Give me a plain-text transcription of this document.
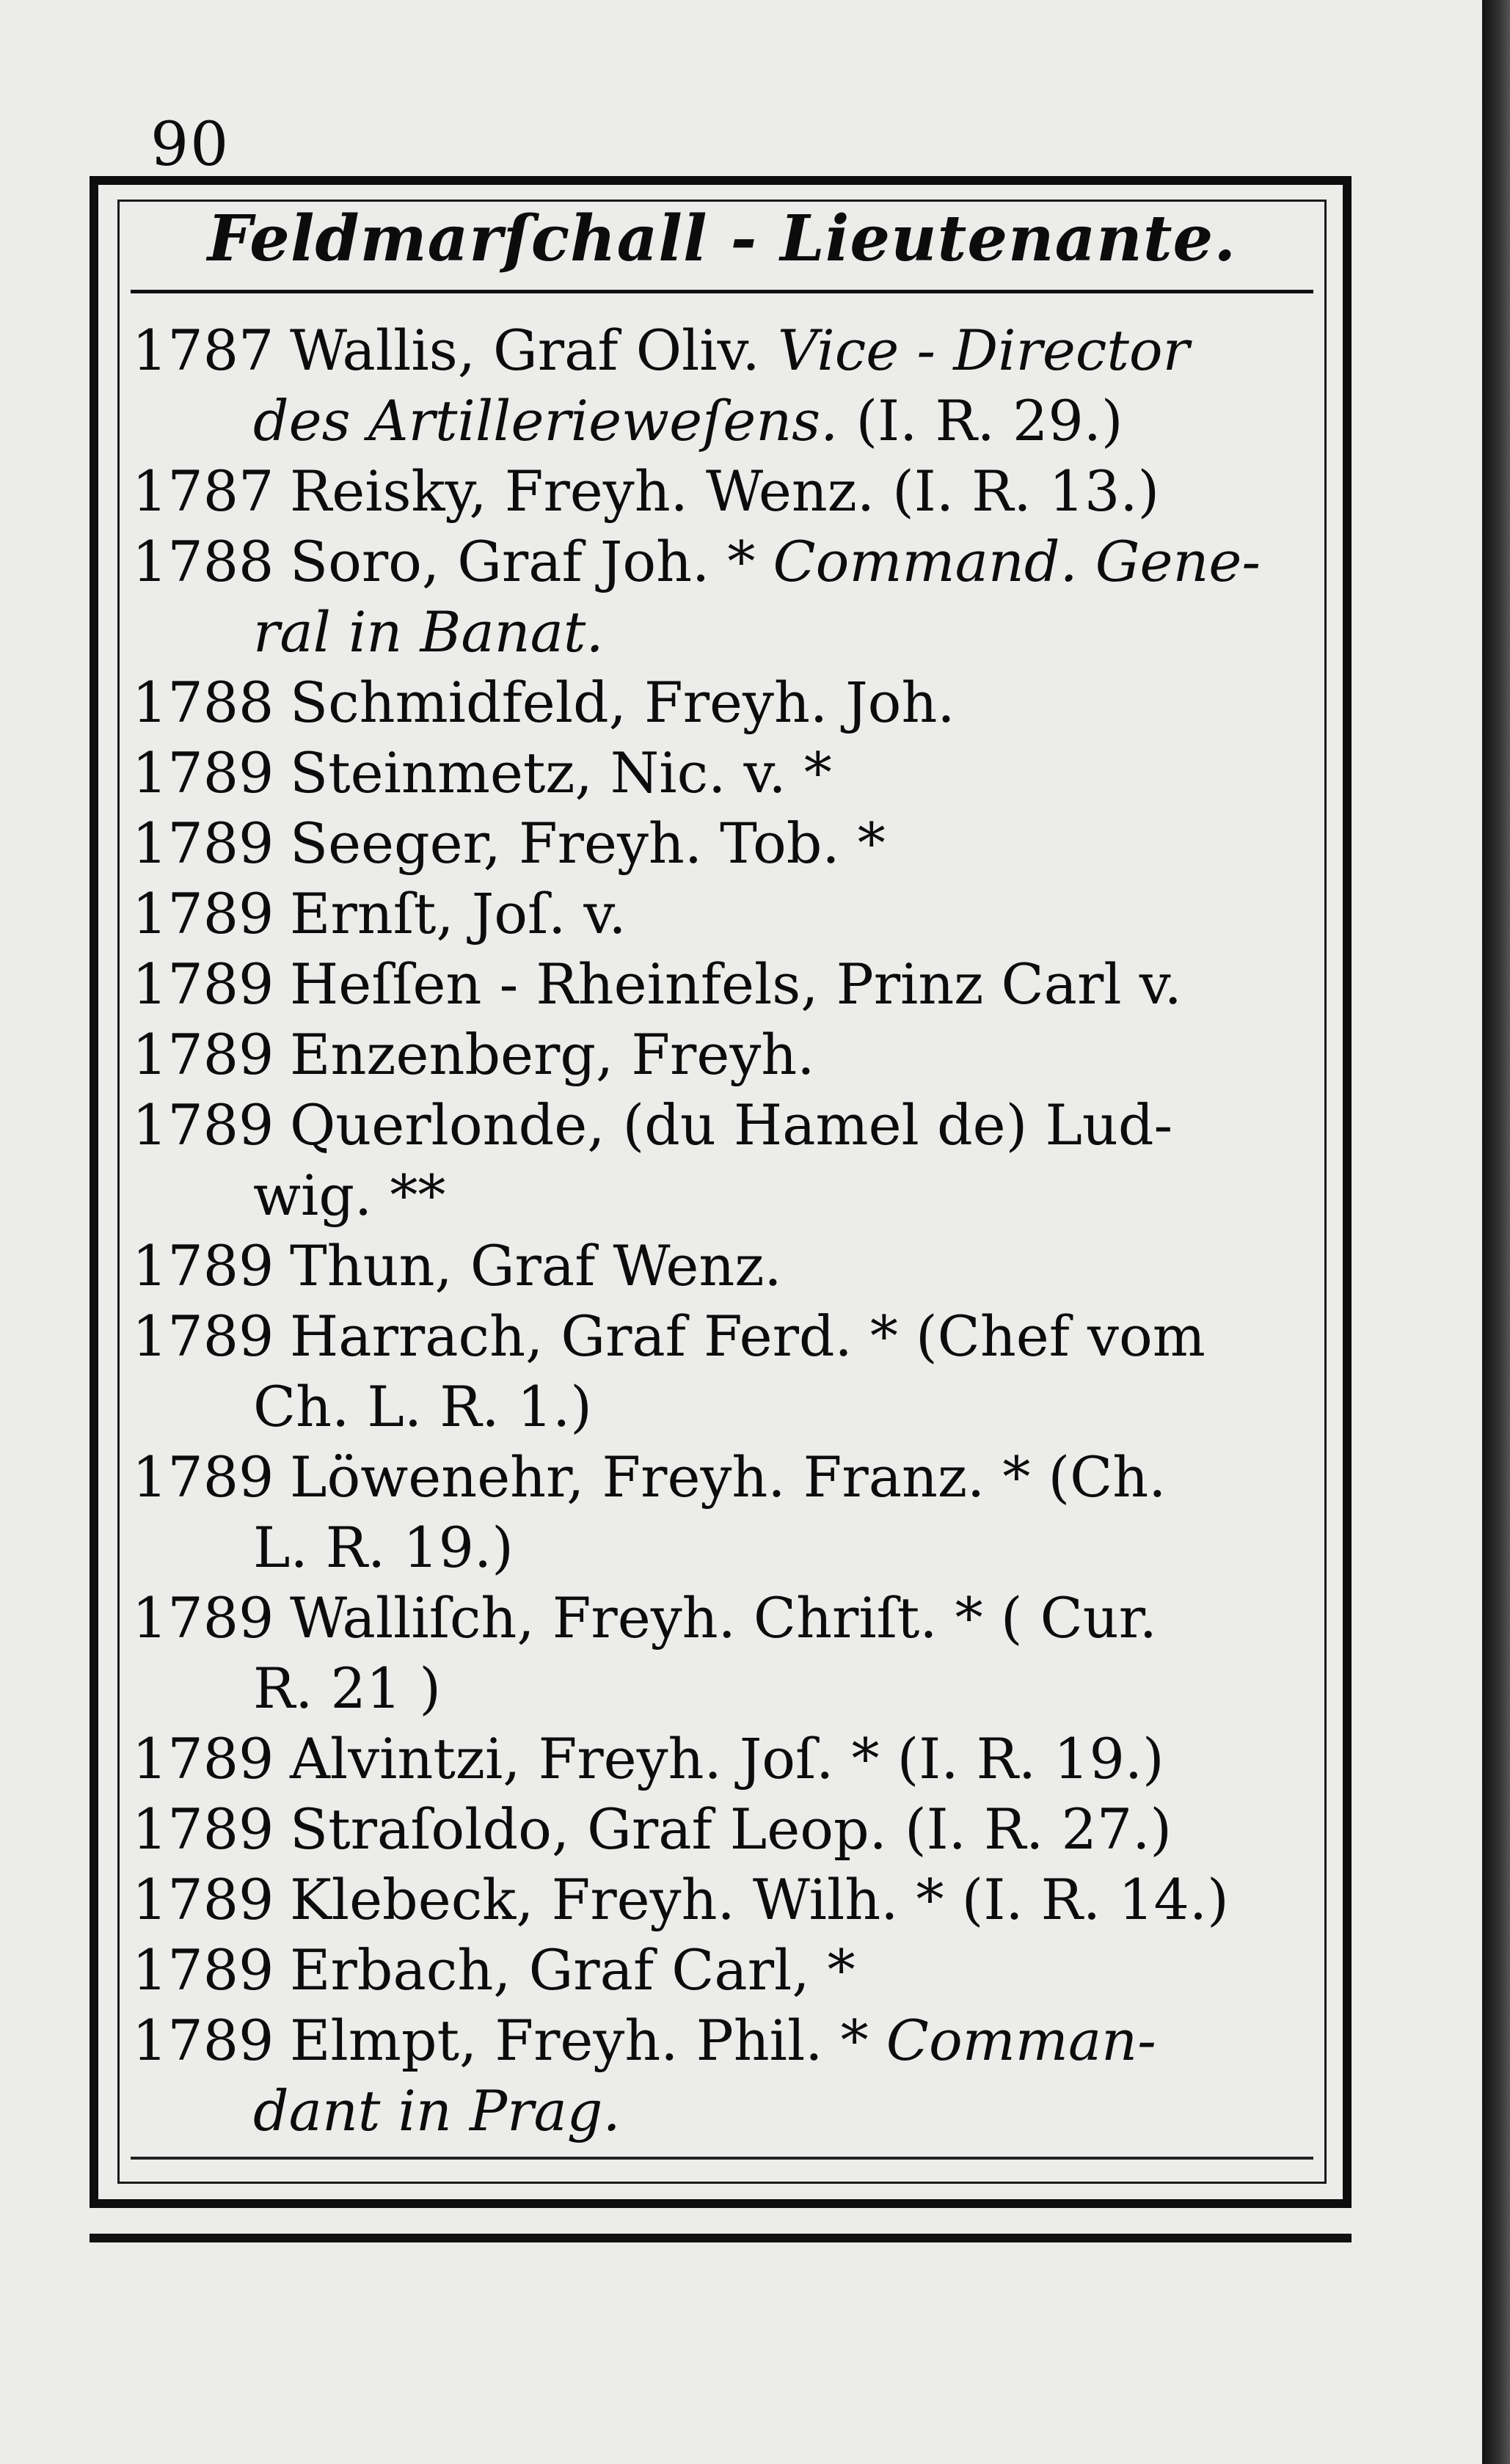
90
Feldmarſchall - Lieutenante.
1787 Wallis, Graf Oliv. Vice - Director
des Artillerieweſens. (I. R. 29.)
1787 Reisky, Freyh. Wenz. (I. R. 13.)
1788 Soro, Graf Joh. * Command. Gene-
ral in Banat.
1788 Schmidfeld, Freyh. Joh.
1789 Steinmetz, Nic. v. *
1789 Seeger, Freyh. Tob. *
1789 Ernſt, Joſ. v.
1789 Heſſen - Rheinfels, Prinz Carl v.
1789 Enzenberg, Freyh.
1789 Querlonde, (du Hamel de) Lud-
wig. **
1789 Thun, Graf Wenz.
1789 Harrach, Graf Ferd. * (Chef vom
Ch. L. R. 1.)
1789 Löwenehr, Freyh. Franz. * (Ch.
L. R. 19.)
1789 Walliſch, Freyh. Chriſt. * ( Cur.
R. 21 )
1789 Alvintzi, Freyh. Joſ. * (I. R. 19.)
1789 Straſoldo, Graf Leop. (I. R. 27.)
1789 Klebeck, Freyh. Wilh. * (I. R. 14.)
1789 Erbach, Graf Carl, *
1789 Elmpt, Freyh. Phil. * Comman-
dant in Prag.
